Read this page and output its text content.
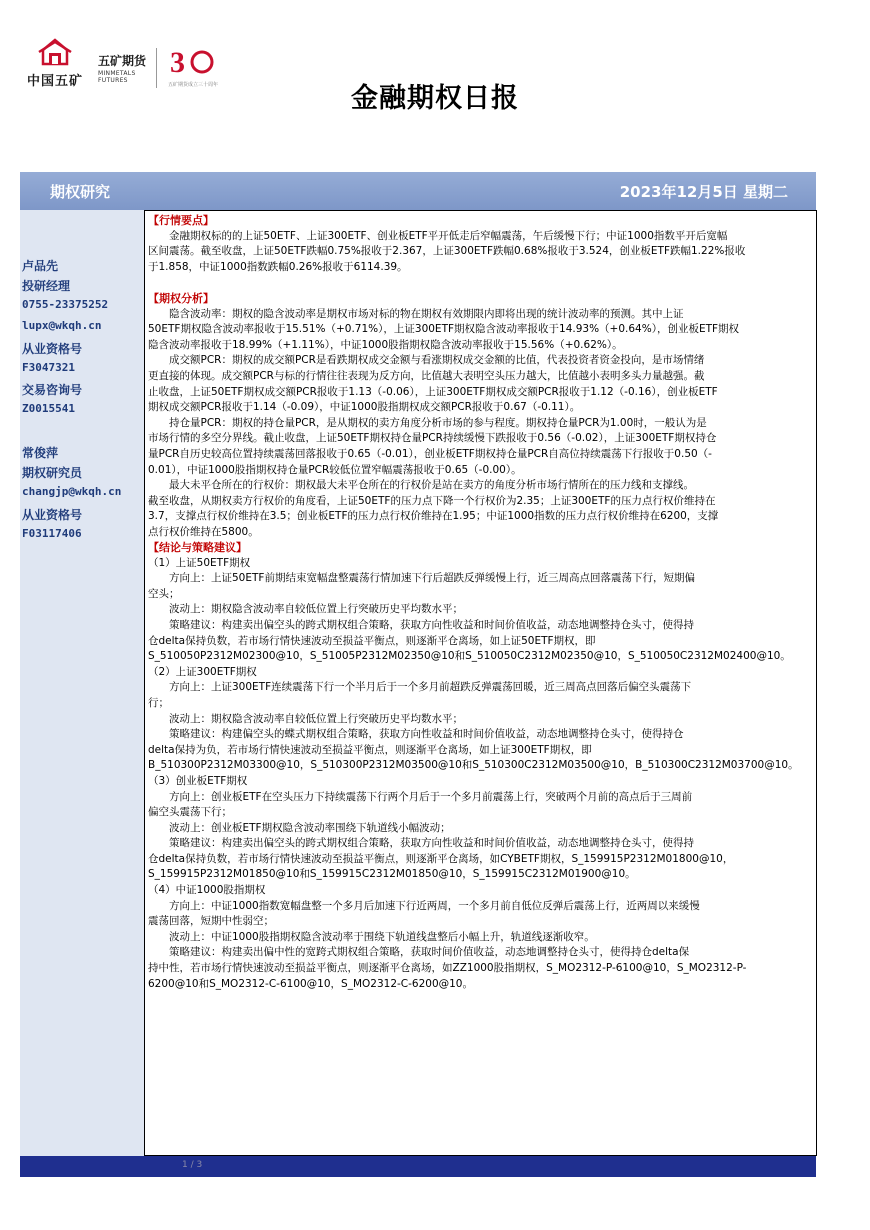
中国五矿
五矿期货
MINMETALS FUTURES
3
五矿期货成立三十周年	金融期权日报
期权研究	2023年12月5日 星期二
卢品先
投研经理
0755-23375252
lupx@wkqh.cn
从业资格号
F3047321
交易咨询号
Z0015541
常俊萍
期权研究员
changjp@wkqh.cn
从业资格号
F03117406
【行情要点】
　　金融期权标的的上证50ETF、上证300ETF、创业板ETF平开低走后窄幅震荡，午后缓慢下行；中证1000指数平开后宽幅
区间震荡。截至收盘，上证50ETF跌幅0.75%报收于2.367，上证300ETF跌幅0.68%报收于3.524，创业板ETF跌幅1.22%报收
于1.858，中证1000指数跌幅0.26%报收于6114.39。
【期权分析】
　　隐含波动率：期权的隐含波动率是期权市场对标的物在期权有效期限内即将出现的统计波动率的预测。其中上证
50ETF期权隐含波动率报收于15.51%（+0.71%），上证300ETF期权隐含波动率报收于14.93%（+0.64%），创业板ETF期权
隐含波动率报收于18.99%（+1.11%），中证1000股指期权隐含波动率报收于15.56%（+0.62%）。
　　成交额PCR：期权的成交额PCR是看跌期权成交金额与看涨期权成交金额的比值，代表投资者资金投向，是市场情绪
更直接的体现。成交额PCR与标的行情往往表现为反方向，比值越大表明空头压力越大，比值越小表明多头力量越强。截
止收盘，上证50ETF期权成交额PCR报收于1.13（-0.06），上证300ETF期权成交额PCR报收于1.12（-0.16），创业板ETF
期权成交额PCR报收于1.14（-0.09），中证1000股指期权成交额PCR报收于0.67（-0.11）。
　　持仓量PCR：期权的持仓量PCR，是从期权的卖方角度分析市场的参与程度。期权持仓量PCR为1.00时，一般认为是
市场行情的多空分界线。截止收盘，上证50ETF期权持仓量PCR持续缓慢下跌报收于0.56（-0.02），上证300ETF期权持仓
量PCR自历史较高位置持续震荡回落报收于0.65（-0.01），创业板ETF期权持仓量PCR自高位持续震荡下行报收于0.50（-
0.01），中证1000股指期权持仓量PCR较低位置窄幅震荡报收于0.65（-0.00）。
　　最大未平仓所在的行权价：期权最大未平仓所在的行权价是站在卖方的角度分析市场行情所在的压力线和支撑线。
截至收盘，从期权卖方行权价的角度看，上证50ETF的压力点下降一个行权价为2.35；上证300ETF的压力点行权价维持在
3.7，支撑点行权价维持在3.5；创业板ETF的压力点行权价维持在1.95；中证1000指数的压力点行权价维持在6200，支撑
点行权价维持在5800。
【结论与策略建议】
（1）上证50ETF期权
　　方向上：上证50ETF前期结束宽幅盘整震荡行情加速下行后超跌反弹缓慢上行，近三周高点回落震荡下行，短期偏
空头；
　　波动上：期权隐含波动率自较低位置上行突破历史平均数水平；
　　策略建议：构建卖出偏空头的跨式期权组合策略，获取方向性收益和时间价值收益，动态地调整持仓头寸，使得持
仓delta保持负数，若市场行情快速波动至损益平衡点，则逐渐平仓离场，如上证50ETF期权，即
S_510050P2312M02300@10，S_51005P2312M02350@10和S_510050C2312M02350@10，S_510050C2312M02400@10。
（2）上证300ETF期权
　　方向上：上证300ETF连续震荡下行一个半月后于一个多月前超跌反弹震荡回暖，近三周高点回落后偏空头震荡下
行；
　　波动上：期权隐含波动率自较低位置上行突破历史平均数水平；
　　策略建议：构建偏空头的蝶式期权组合策略，获取方向性收益和时间价值收益，动态地调整持仓头寸，使得持仓
delta保持为负，若市场行情快速波动至损益平衡点，则逐渐平仓离场，如上证300ETF期权，即
B_510300P2312M03300@10，S_510300P2312M03500@10和S_510300C2312M03500@10，B_510300C2312M03700@10。
（3）创业板ETF期权
　　方向上：创业板ETF在空头压力下持续震荡下行两个月后于一个多月前震荡上行，突破两个月前的高点后于三周前
偏空头震荡下行；
　　波动上：创业板ETF期权隐含波动率围绕下轨道线小幅波动；
　　策略建议：构建卖出偏空头的跨式期权组合策略，获取方向性收益和时间价值收益，动态地调整持仓头寸，使得持
仓delta保持负数，若市场行情快速波动至损益平衡点，则逐渐平仓离场，如CYBETF期权，S_159915P2312M01800@10，
S_159915P2312M01850@10和S_159915C2312M01850@10，S_159915C2312M01900@10。
（4）中证1000股指期权
　　方向上：中证1000指数宽幅盘整一个多月后加速下行近两周，一个多月前自低位反弹后震荡上行，近两周以来缓慢
震荡回落，短期中性弱空；
　　波动上：中证1000股指期权隐含波动率于围绕下轨道线盘整后小幅上升，轨道线逐渐收窄。
　　策略建议：构建卖出偏中性的宽跨式期权组合策略，获取时间价值收益，动态地调整持仓头寸，使得持仓delta保
持中性，若市场行情快速波动至损益平衡点，则逐渐平仓离场，如ZZ1000股指期权，S_MO2312-P-6100@10，S_MO2312-P-
6200@10和S_MO2312-C-6100@10，S_MO2312-C-6200@10。
1 / 3
